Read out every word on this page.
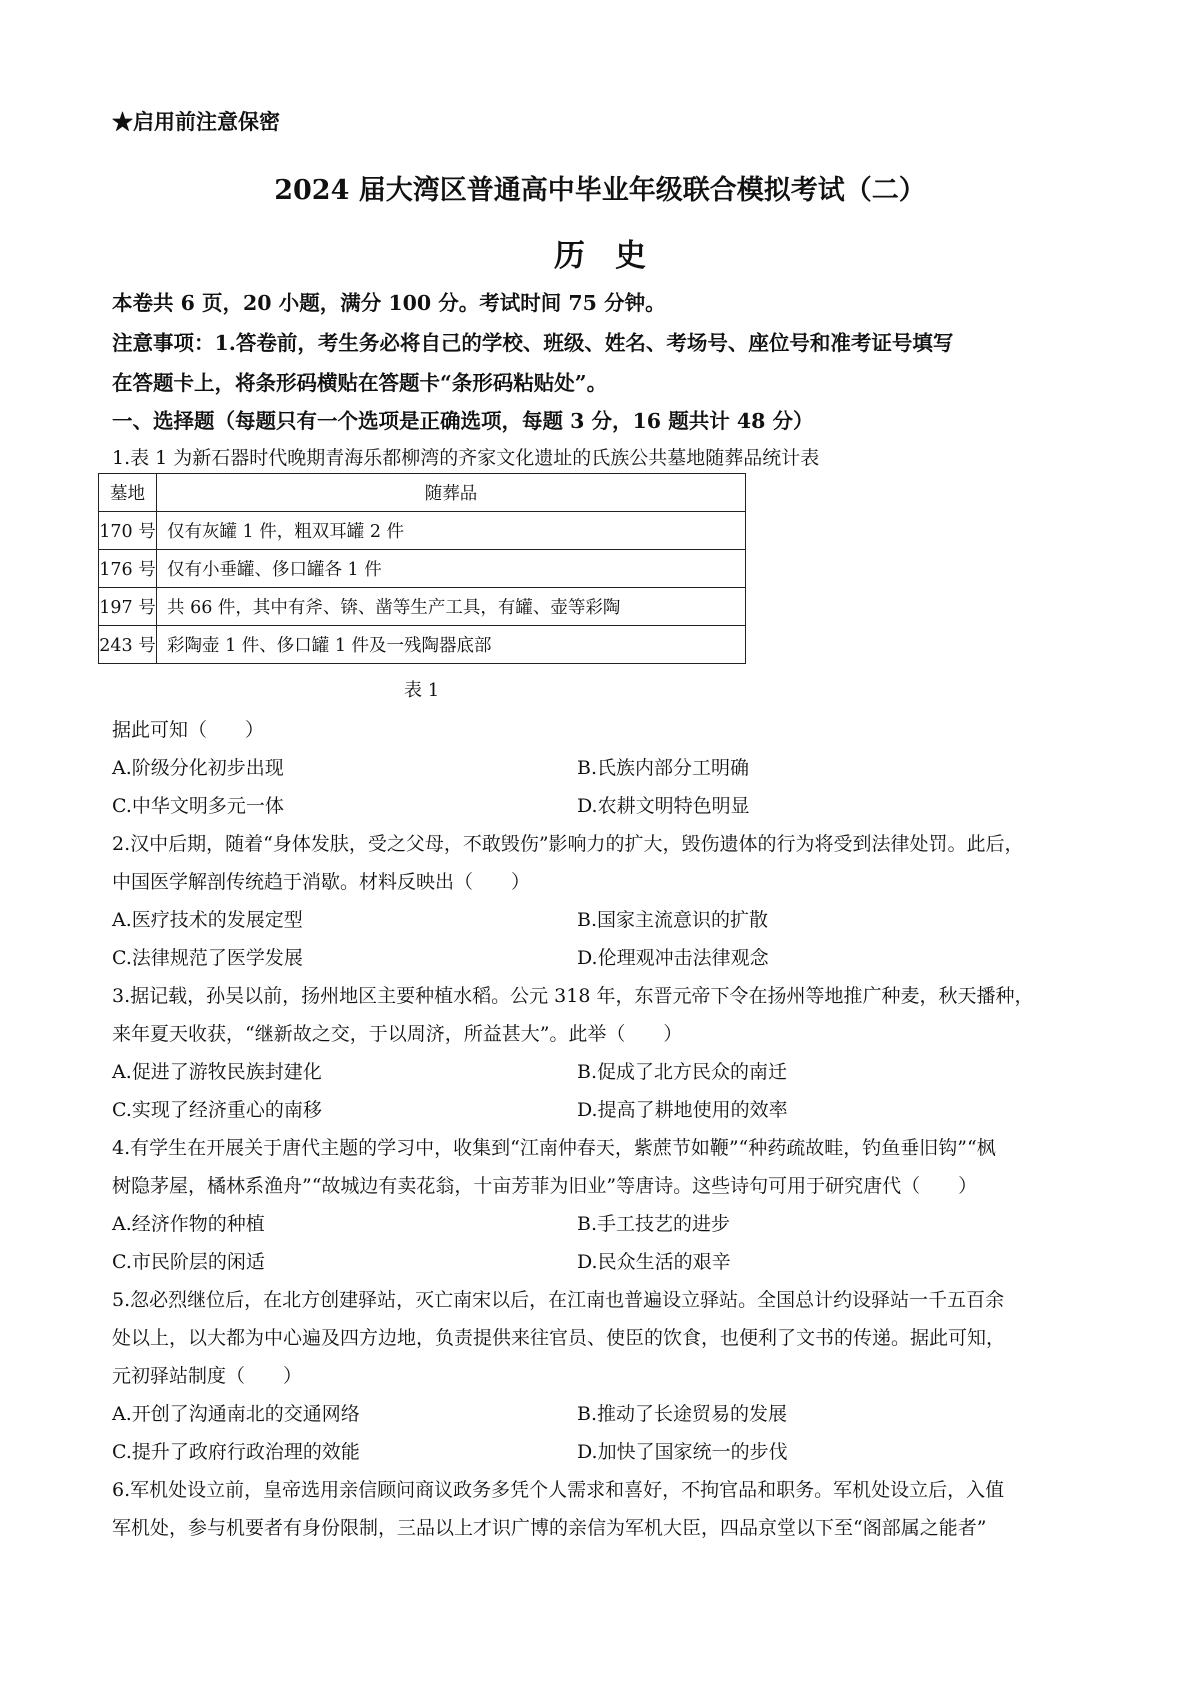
★启用前注意保密
2024 届大湾区普通高中毕业年级联合模拟考试（二）
历史
本卷共 6 页，20 小题，满分 100 分。考试时间 75 分钟。
注意事项：1.答卷前，考生务必将自己的学校、班级、姓名、考场号、座位号和准考证号填写
在答题卡上，将条形码横贴在答题卡“条形码粘贴处”。
一、选择题（每题只有一个选项是正确选项，每题 3 分，16 题共计 48 分）
1.表 1 为新石器时代晚期青海乐都柳湾的齐家文化遗址的氏族公共墓地随葬品统计表
墓地	随葬品
170 号	仅有灰罐 1 件，粗双耳罐 2 件
176 号	仅有小垂罐、侈口罐各 1 件
197 号	共 66 件，其中有斧、锛、凿等生产工具，有罐、壶等彩陶
243 号	彩陶壶 1 件、侈口罐 1 件及一残陶器底部
表 1
据此可知（　　）
A.阶级分化初步出现	B.氏族内部分工明确
C.中华文明多元一体	D.农耕文明特色明显
2.汉中后期，随着“身体发肤，受之父母，不敢毁伤”影响力的扩大，毁伤遗体的行为将受到法律处罚。此后，
中国医学解剖传统趋于消歇。材料反映出（　　）
A.医疗技术的发展定型	B.国家主流意识的扩散
C.法律规范了医学发展	D.伦理观冲击法律观念
3.据记载，孙吴以前，扬州地区主要种植水稻。公元 318 年，东晋元帝下令在扬州等地推广种麦，秋天播种，
来年夏天收获，“继新故之交，于以周济，所益甚大”。此举（　　）
A.促进了游牧民族封建化	B.促成了北方民众的南迁
C.实现了经济重心的南移	D.提高了耕地使用的效率
4.有学生在开展关于唐代主题的学习中，收集到“江南仲春天，紫蔗节如鞭”“种药疏故畦，钓鱼垂旧钩”“枫
树隐茅屋，橘林系渔舟”“故城边有卖花翁，十亩芳菲为旧业”等唐诗。这些诗句可用于研究唐代（　　）
A.经济作物的种植	B.手工技艺的进步
C.市民阶层的闲适	D.民众生活的艰辛
5.忽必烈继位后，在北方创建驿站，灭亡南宋以后，在江南也普遍设立驿站。全国总计约设驿站一千五百余
处以上，以大都为中心遍及四方边地，负责提供来往官员、使臣的饮食，也便利了文书的传递。据此可知，
元初驿站制度（　　）
A.开创了沟通南北的交通网络	B.推动了长途贸易的发展
C.提升了政府行政治理的效能	D.加快了国家统一的步伐
6.军机处设立前，皇帝选用亲信顾问商议政务多凭个人需求和喜好，不拘官品和职务。军机处设立后，入值
军机处，参与机要者有身份限制，三品以上才识广博的亲信为军机大臣，四品京堂以下至“阁部属之能者”
